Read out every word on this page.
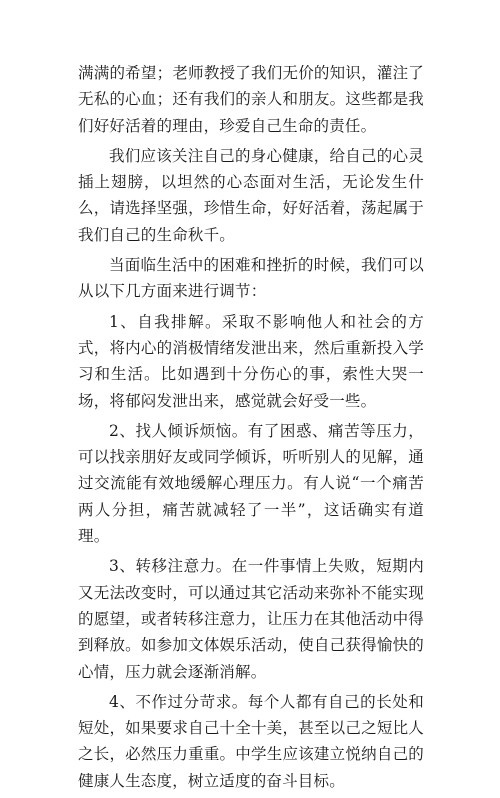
满满的希望；老师教授了我们无价的知识，灌注了无私的心血；还有我们的亲人和朋友。这些都是我们好好活着的理由，珍爱自己生命的责任。

我们应该关注自己的身心健康，给自己的心灵插上翅膀，以坦然的心态面对生活，无论发生什么，请选择坚强，珍惜生命，好好活着，荡起属于我们自己的生命秋千。

当面临生活中的困难和挫折的时候，我们可以从以下几方面来进行调节：

1、自我排解。采取不影响他人和社会的方式，将内心的消极情绪发泄出来，然后重新投入学习和生活。比如遇到十分伤心的事，索性大哭一场，将郁闷发泄出来，感觉就会好受一些。

2、找人倾诉烦恼。有了困惑、痛苦等压力，可以找亲朋好友或同学倾诉，听听别人的见解，通过交流能有效地缓解心理压力。有人说“一个痛苦两人分担，痛苦就减轻了一半”，这话确实有道理。

3、转移注意力。在一件事情上失败，短期内又无法改变时，可以通过其它活动来弥补不能实现的愿望，或者转移注意力，让压力在其他活动中得到释放。如参加文体娱乐活动，使自己获得愉快的心情，压力就会逐渐消解。

4、不作过分苛求。每个人都有自己的长处和短处，如果要求自己十全十美，甚至以己之短比人之长，必然压力重重。中学生应该建立悦纳自己的健康人生态度，树立适度的奋斗目标。
